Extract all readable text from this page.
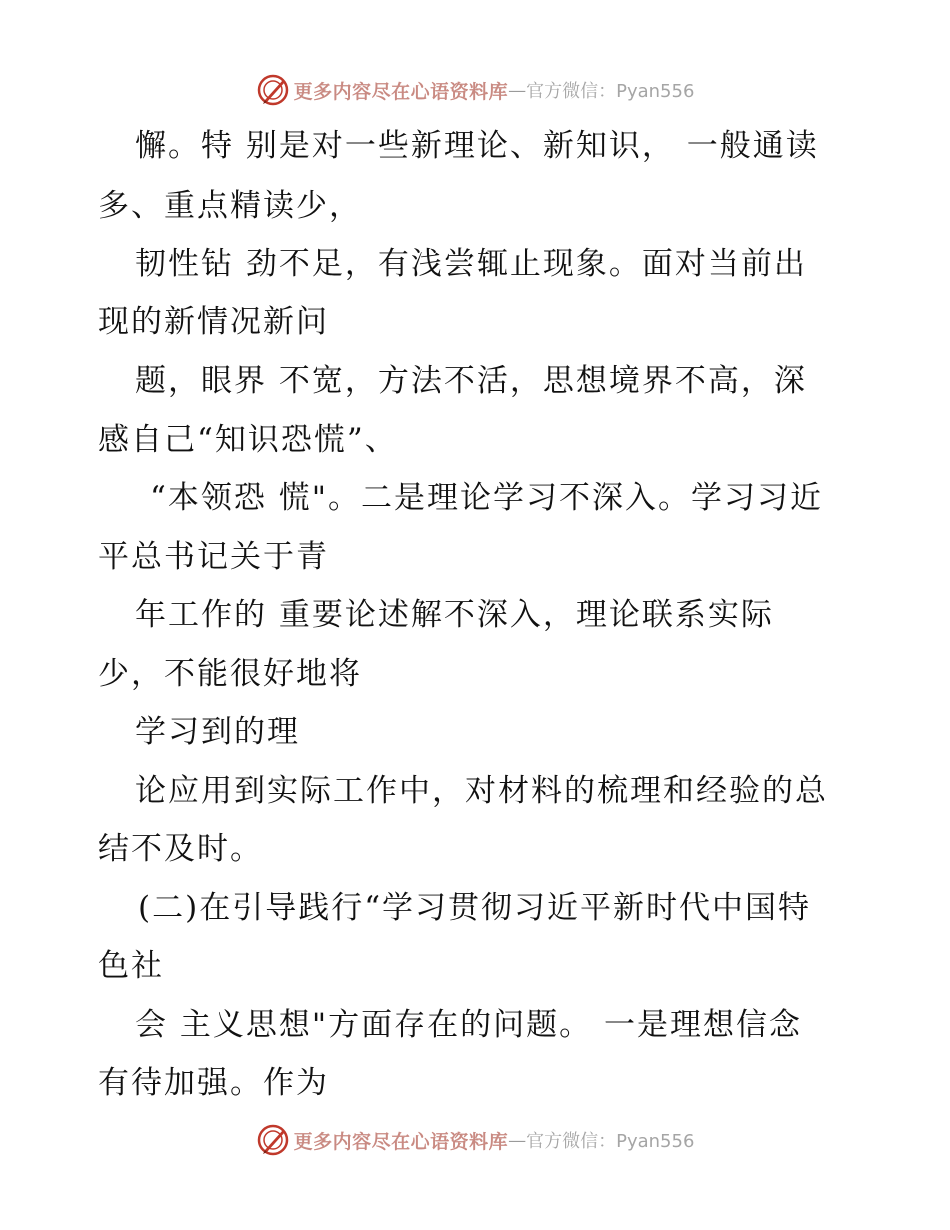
更多内容尽在心语资料库 — 官方微信：Pyan556
懈。特 别是对一些新理论、新知识， 一般通读
多、重点精读少，
韧性钻 劲不足，有浅尝辄止现象。面对当前出
现的新情况新问
题，眼界 不宽，方法不活，思想境界不高，深
感自己“知识恐慌”、
“本领恐 慌"。二是理论学习不深入。学习习近
平总书记关于青
年工作的 重要论述解不深入，理论联系实际
少，不能很好地将
学习到的理
论应用到实际工作中，对材料的梳理和经验的总
结不及时。
(二)在引导践行“学习贯彻习近平新时代中国特
色社
会 主义思想"方面存在的问题。 一是理想信念
有待加强。作为
更多内容尽在心语资料库 — 官方微信：Pyan556
